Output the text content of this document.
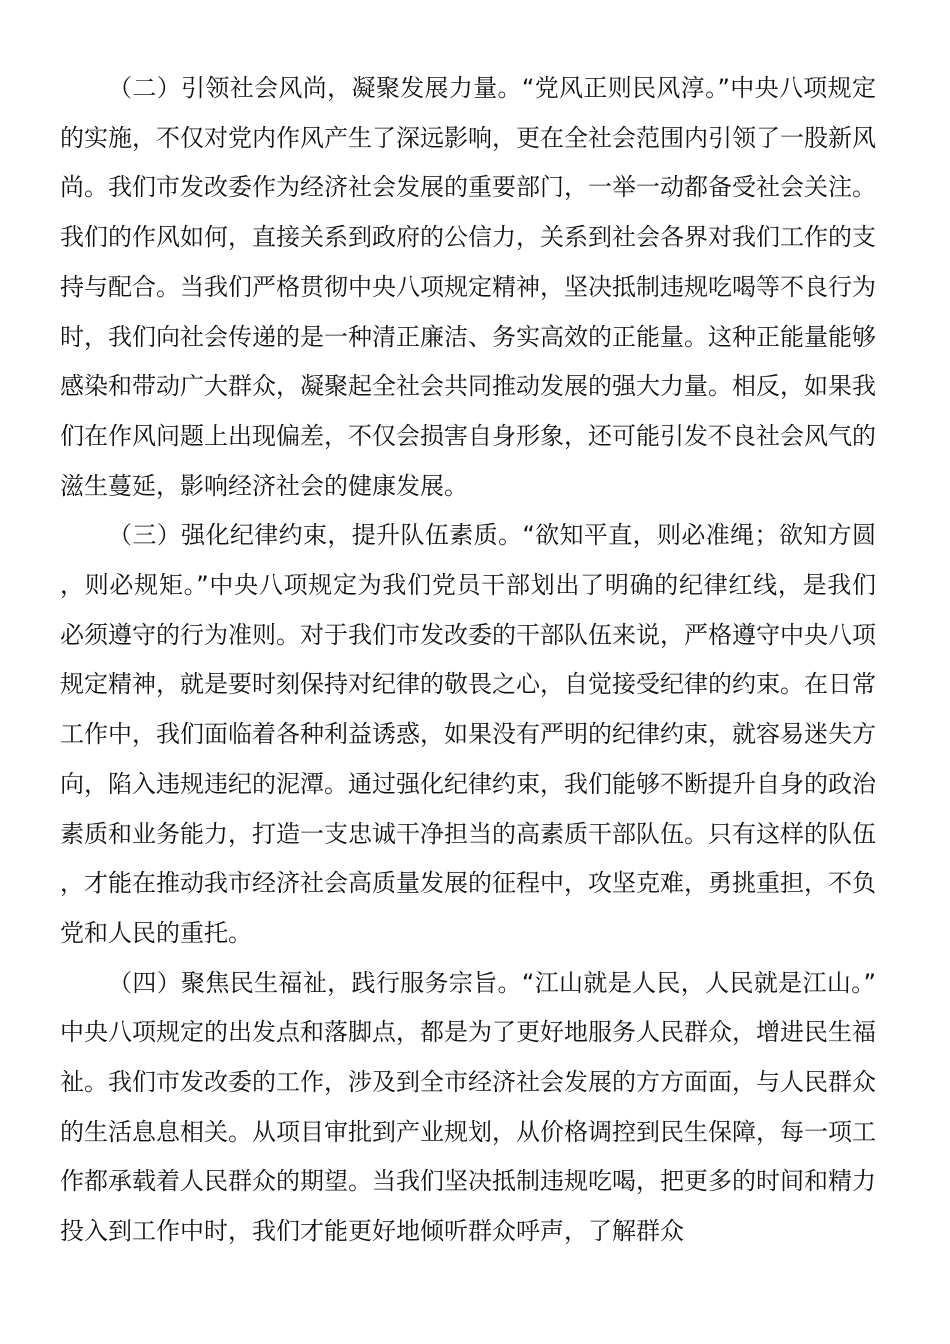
（二）引领社会风尚，凝聚发展力量。“党风正则民风淳。”中央八项规定的实施，不仅对党内作风产生了深远影响，更在全社会范围内引领了一股新风尚。我们市发改委作为经济社会发展的重要部门，一举一动都备受社会关注。我们的作风如何，直接关系到政府的公信力，关系到社会各界对我们工作的支持与配合。当我们严格贯彻中央八项规定精神，坚决抵制违规吃喝等不良行为时，我们向社会传递的是一种清正廉洁、务实高效的正能量。这种正能量能够感染和带动广大群众，凝聚起全社会共同推动发展的强大力量。相反，如果我们在作风问题上出现偏差，不仅会损害自身形象，还可能引发不良社会风气的滋生蔓延，影响经济社会的健康发展。

（三）强化纪律约束，提升队伍素质。“欲知平直，则必准绳；欲知方圆，则必规矩。”中央八项规定为我们党员干部划出了明确的纪律红线，是我们必须遵守的行为准则。对于我们市发改委的干部队伍来说，严格遵守中央八项规定精神，就是要时刻保持对纪律的敬畏之心，自觉接受纪律的约束。在日常工作中，我们面临着各种利益诱惑，如果没有严明的纪律约束，就容易迷失方向，陷入违规违纪的泥潭。通过强化纪律约束，我们能够不断提升自身的政治素质和业务能力，打造一支忠诚干净担当的高素质干部队伍。只有这样的队伍，才能在推动我市经济社会高质量发展的征程中，攻坚克难，勇挑重担，不负党和人民的重托。

（四）聚焦民生福祉，践行服务宗旨。“江山就是人民，人民就是江山。”中央八项规定的出发点和落脚点，都是为了更好地服务人民群众，增进民生福祉。我们市发改委的工作，涉及到全市经济社会发展的方方面面，与人民群众的生活息息相关。从项目审批到产业规划，从价格调控到民生保障，每一项工作都承载着人民群众的期望。当我们坚决抵制违规吃喝，把更多的时间和精力投入到工作中时，我们才能更好地倾听群众呼声，了解群众
